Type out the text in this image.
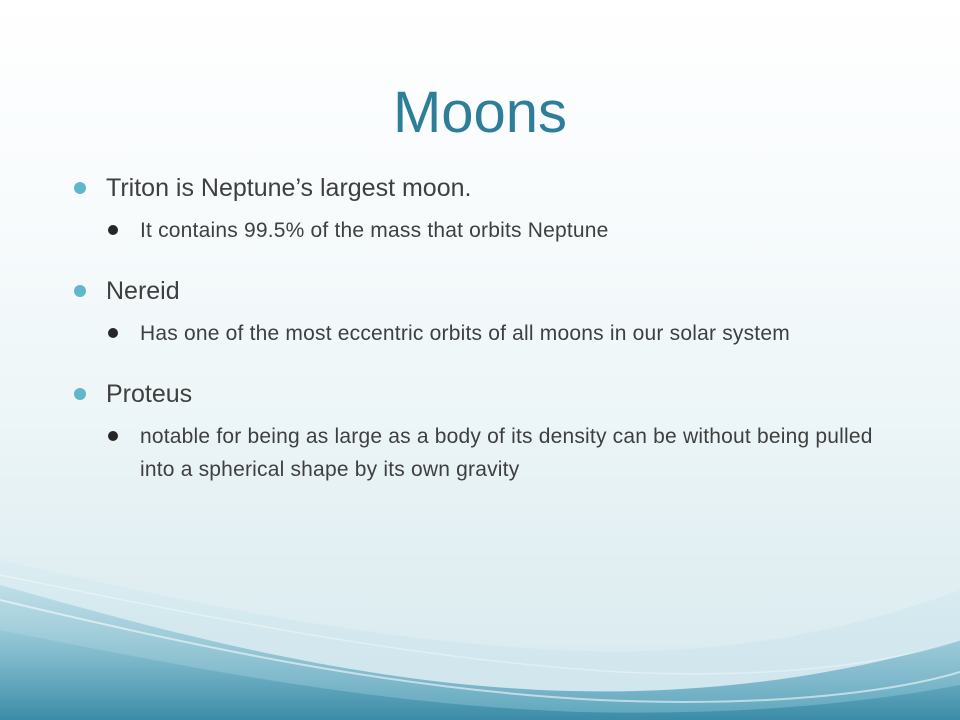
Moons
Triton is Neptune’s largest moon.
It contains 99.5% of the mass that orbits Neptune
Nereid
Has one of the most eccentric orbits of all moons in our solar system
Proteus
notable for being as large as a body of its density can be without being pulled into a spherical shape by its own gravity
